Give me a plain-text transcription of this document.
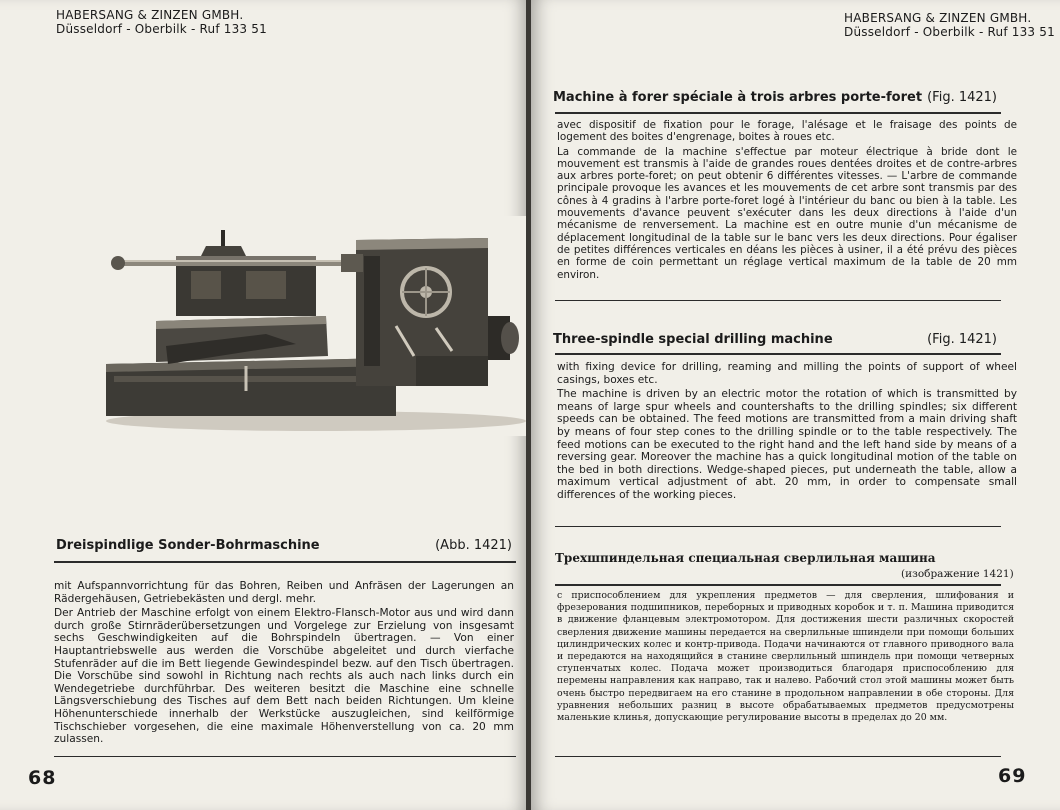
HABERSANG & ZINZEN GMBH.
Düsseldorf - Oberbilk - Ruf 133 51
Dreispindlige Sonder-Bohrmaschine	(Abb. 1421)

mit Aufspannvorrichtung für das Bohren, Reiben und Anfräsen der Lagerungen an Rädergehäusen, Getriebekästen und dergl. mehr.

Der Antrieb der Maschine erfolgt von einem Elektro-Flansch-Motor aus und wird dann durch große Stirnräderübersetzungen und Vorgelege zur Erzielung von insgesamt sechs Geschwindigkeiten auf die Bohrspindeln übertragen. — Von einer Hauptantriebswelle aus werden die Vorschübe abgeleitet und durch vierfache Stufenräder auf die im Bett liegende Gewindespindel bezw. auf den Tisch übertragen. Die Vorschübe sind sowohl in Richtung nach rechts als auch nach links durch ein Wendegetriebe durchführbar. Des weiteren besitzt die Maschine eine schnelle Längsverschiebung des Tisches auf dem Bett nach beiden Richtungen. Um kleine Höhenunterschiede innerhalb der Werkstücke auszugleichen, sind keilförmige Tischschieber vorgesehen, die eine maximale Höhenverstellung von ca. 20 mm zulassen.

68
HABERSANG & ZINZEN GMBH.
Düsseldorf - Oberbilk - Ruf 133 51
Machine à forer spéciale à trois arbres porte-foret (Fig. 1421)

avec dispositif de fixation pour le forage, l'alésage et le fraisage des points de logement des boites d'engrenage, boites à roues etc.

La commande de la machine s'effectue par moteur électrique à bride dont le mouvement est transmis à l'aide de grandes roues dentées droites et de contre-arbres aux arbres porte-foret; on peut obtenir 6 différentes vitesses. — L'arbre de commande principale provoque les avances et les mouvements de cet arbre sont transmis par des cônes à 4 gradins à l'arbre porte-foret logé à l'intérieur du banc ou bien à la table. Les mouvements d'avance peuvent s'exécuter dans les deux directions à l'aide d'un mécanisme de renversement. La machine est en outre munie d'un mécanisme de déplacement longitudinal de la table sur le banc vers les deux directions. Pour égaliser de petites différences verticales en déans les pièces à usiner, il a été prévu des pièces en forme de coin permettant un réglage vertical maximum de la table de 20 mm environ.

Three-spindle special drilling machine	(Fig. 1421)

with fixing device for drilling, reaming and milling the points of support of wheel casings, boxes etc.

The machine is driven by an electric motor the rotation of which is transmitted by means of large spur wheels and countershafts to the drilling spindles; six different speeds can be obtained. The feed motions are transmitted from a main driving shaft by means of four step cones to the drilling spindle or to the table respectively. The feed motions can be executed to the right hand and the left hand side by means of a reversing gear. Moreover the machine has a quick longitudinal motion of the table on the bed in both directions. Wedge-shaped pieces, put underneath the table, allow a maximum vertical adjustment of abt. 20 mm, in order to compensate small differences of the working pieces.

Трехшпиндельная специальная сверлильная машина
(изображение 1421)

с приспособлением для укрепления предметов — для сверления, шлифования и фрезерования подшипников, переборных и приводных коробок и т. п. Машина приводится в движение фланцевым электромотором. Для достижения шести различных скоростей сверления движение машины передается на сверлильные шпиндели при помощи больших цилиндрических колес и контр-привода. Подачи начинаются от главного приводного вала и передаются на находящийся в станине сверлильный шпиндель при помощи четверных ступенчатых колес. Подача может производиться благодаря приспособлению для перемены направления как направо, так и налево. Рабочий стол этой машины может быть очень быстро передвигаем на его станине в продольном направлении в обе стороны. Для уравнения небольших разниц в высоте обрабатываемых предметов предусмотрены маленькие клинья, допускающие регулирование высоты в пределах до 20 мм.

69
